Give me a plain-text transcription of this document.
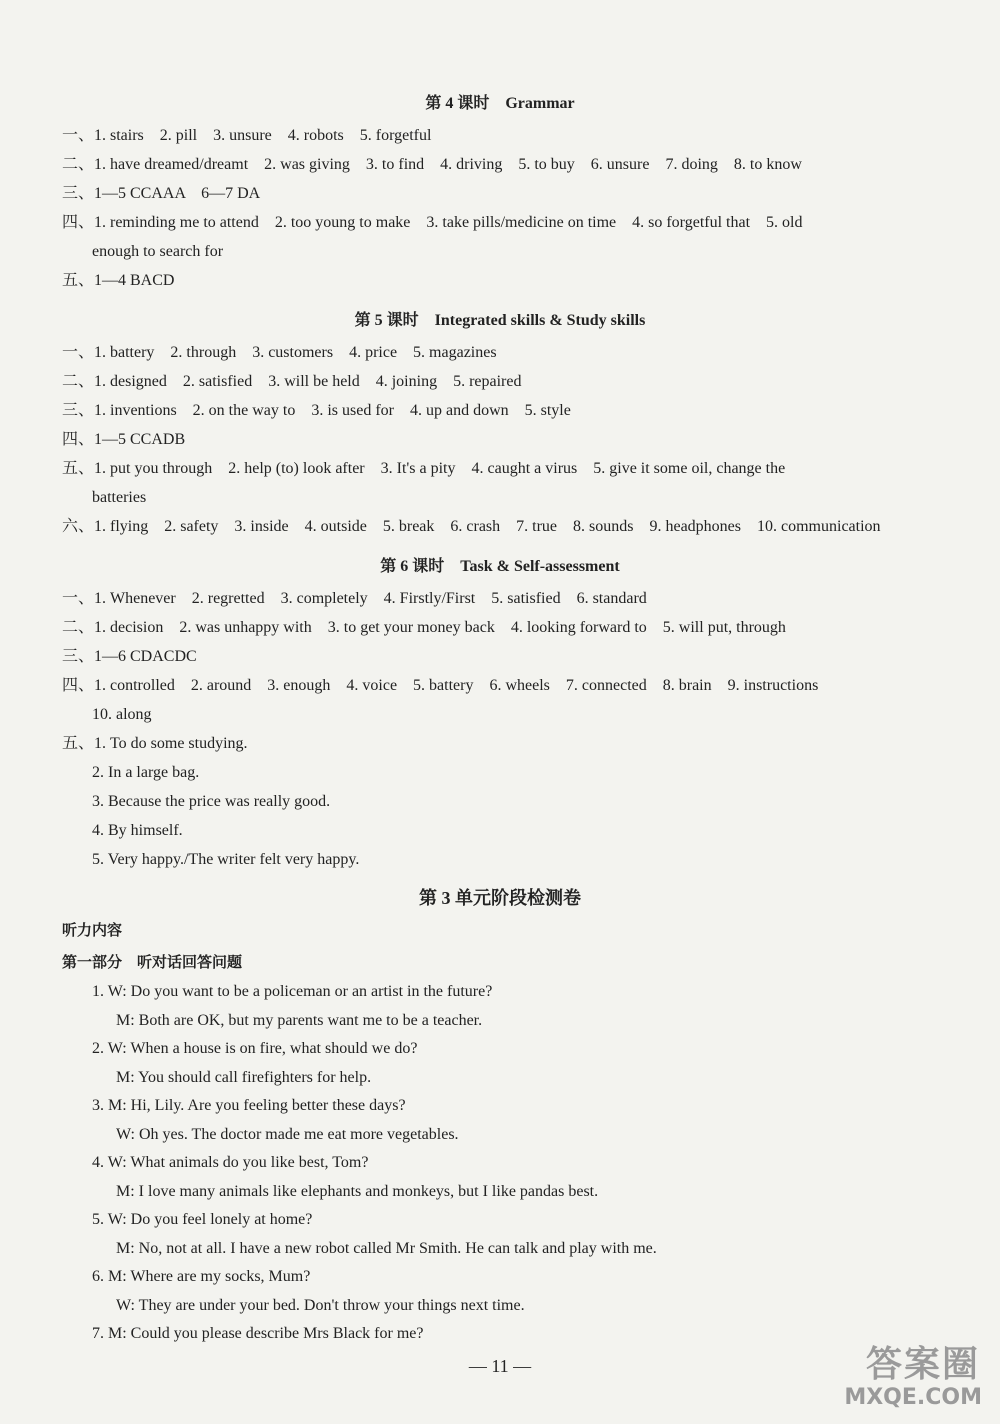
第 4 课时　Grammar
一、1. stairs　2. pill　3. unsure　4. robots　5. forgetful
二、1. have dreamed/dreamt　2. was giving　3. to find　4. driving　5. to buy　6. unsure　7. doing　8. to know
三、1—5 CCAAA　6—7 DA
四、1. reminding me to attend　2. too young to make　3. take pills/medicine on time　4. so forgetful that　5. old
enough to search for
五、1—4 BACD
第 5 课时　Integrated skills & Study skills
一、1. battery　2. through　3. customers　4. price　5. magazines
二、1. designed　2. satisfied　3. will be held　4. joining　5. repaired
三、1. inventions　2. on the way to　3. is used for　4. up and down　5. style
四、1—5 CCADB
五、1. put you through　2. help (to) look after　3. It's a pity　4. caught a virus　5. give it some oil, change the
batteries
六、1. flying　2. safety　3. inside　4. outside　5. break　6. crash　7. true　8. sounds　9. headphones　10. communication
第 6 课时　Task & Self-assessment
一、1. Whenever　2. regretted　3. completely　4. Firstly/First　5. satisfied　6. standard
二、1. decision　2. was unhappy with　3. to get your money back　4. looking forward to　5. will put, through
三、1—6 CDACDC
四、1. controlled　2. around　3. enough　4. voice　5. battery　6. wheels　7. connected　8. brain　9. instructions
10. along
五、1. To do some studying.
2. In a large bag.
3. Because the price was really good.
4. By himself.
5. Very happy./The writer felt very happy.
第 3 单元阶段检测卷
听力内容
第一部分　听对话回答问题
1. W: Do you want to be a policeman or an artist in the future?
M: Both are OK, but my parents want me to be a teacher.
2. W: When a house is on fire, what should we do?
M: You should call firefighters for help.
3. M: Hi, Lily. Are you feeling better these days?
W: Oh yes. The doctor made me eat more vegetables.
4. W: What animals do you like best, Tom?
M: I love many animals like elephants and monkeys, but I like pandas best.
5. W: Do you feel lonely at home?
M: No, not at all. I have a new robot called Mr Smith. He can talk and play with me.
6. M: Where are my socks, Mum?
W: They are under your bed. Don't throw your things next time.
7. M: Could you please describe Mrs Black for me?
— 11 —	答案圈
MXQE.COM
